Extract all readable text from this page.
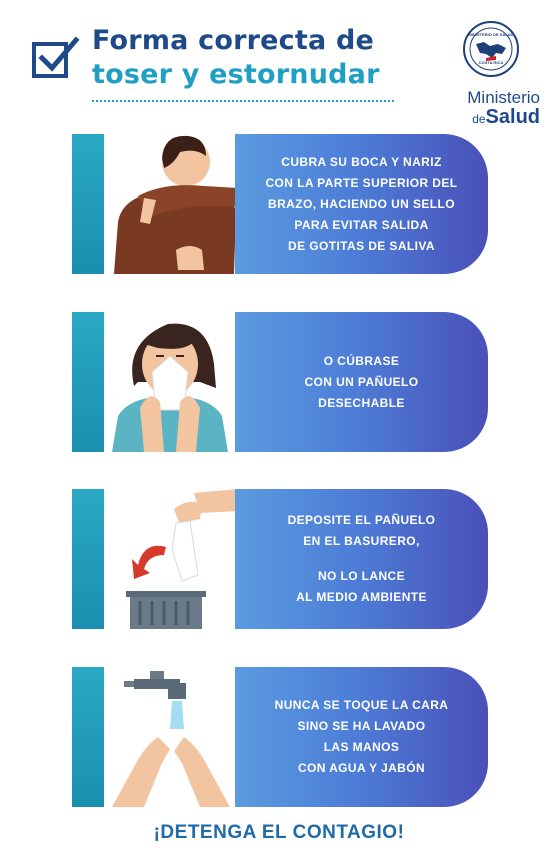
Forma correcta de
toser y estornudar
MINISTERIO DE SALUD
COSTA RICA
Ministerio
deSalud

CUBRA SU BOCA Y NARIZ

CON LA PARTE SUPERIOR DEL

BRAZO, HACIENDO UN SELLO

PARA EVITAR SALIDA

DE GOTITAS DE SALIVA

O CÚBRASE

CON UN PAÑUELO

DESECHABLE

DEPOSITE EL PAÑUELO

EN EL BASURERO,

NO LO LANCE

AL MEDIO AMBIENTE

NUNCA SE TOQUE LA CARA

SINO SE HA LAVADO

LAS MANOS

CON AGUA Y JABÓN

¡DETENGA EL CONTAGIO!
